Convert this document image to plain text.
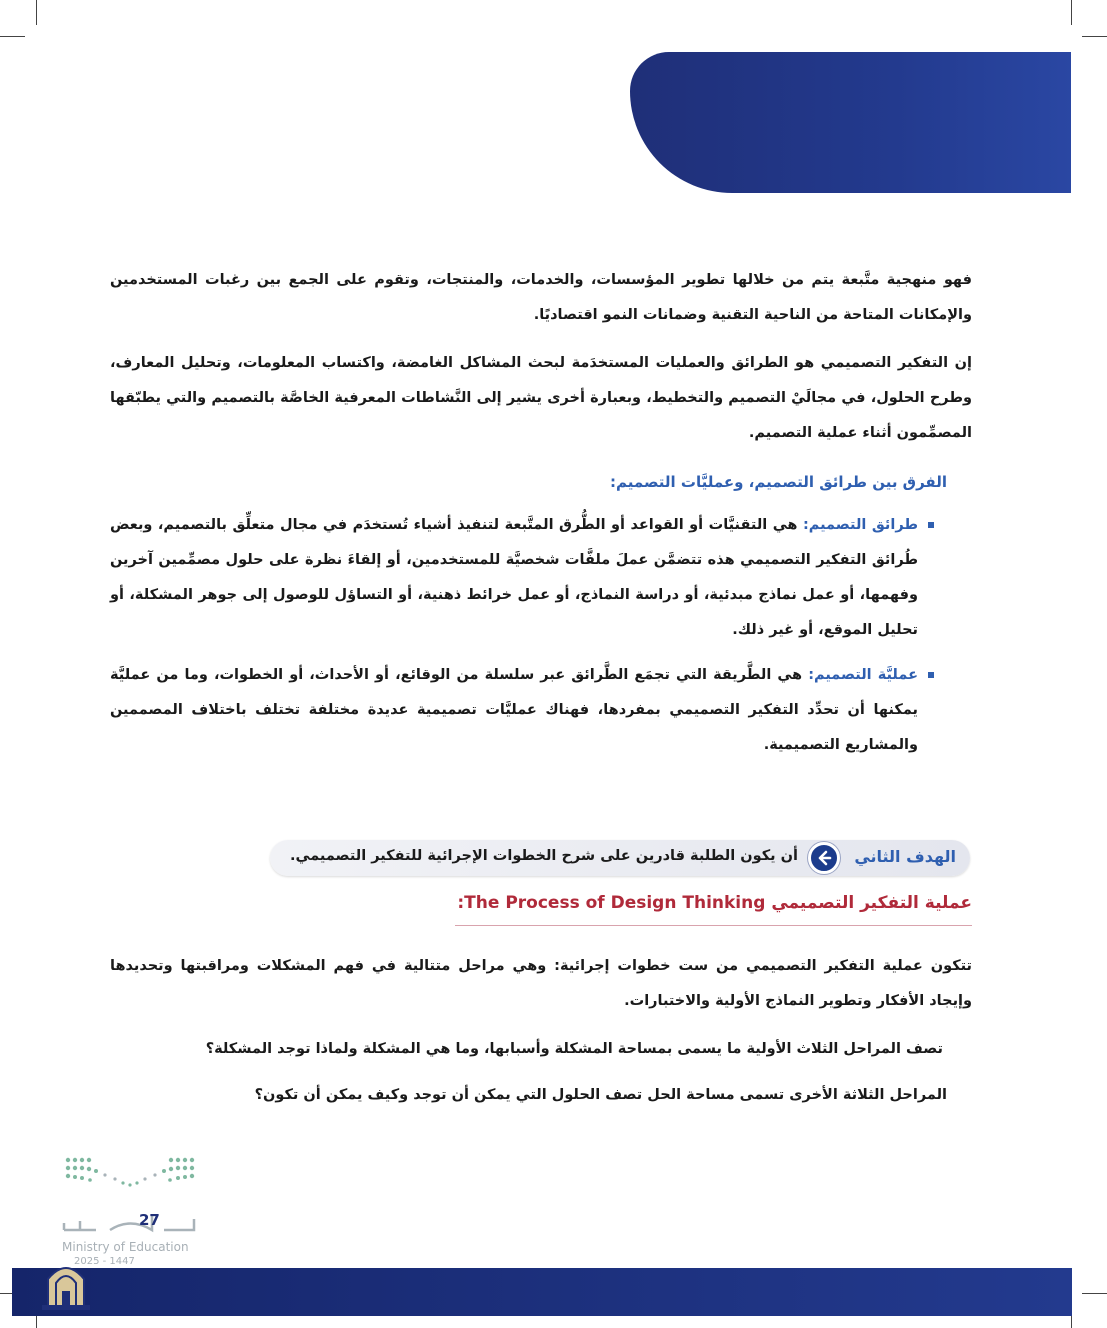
فهو منهجية متَّبعة يتم من خلالها تطوير المؤسسات، والخدمات، والمنتجات، وتقوم على الجمع بين رغبات المستخدمين والإمكانات المتاحة من الناحية التقنية وضمانات النمو اقتصاديًا.

إن التفكير التصميمي هو الطرائق والعمليات المستخدَمة لبحث المشاكل الغامضة، واكتساب المعلومات، وتحليل المعارف، وطرح الحلول، في مجالَيْ التصميم والتخطيط، وبعبارة أخرى يشير إلى النَّشاطات المعرفية الخاصَّة بالتصميم والتي يطبّقها المصمِّمون أثناء عملية التصميم.

الفرق بين طرائق التصميم، وعمليَّات التصميم:

طرائق التصميم: هي التقنيَّات أو القواعد أو الطُّرق المتَّبعة لتنفيذ أشياء تُستخدَم في مجال متعلِّق بالتصميم، وبعض طُرائق التفكير التصميمي هذه تتضمَّن عملَ ملفَّات شخصيَّة للمستخدمين، أو إلقاءَ نظرة على حلول مصمِّمين آخرين وفهمها، أو عمل نماذج مبدئية، أو دراسة النماذج، أو عمل خرائط ذهنية، أو التساؤل للوصول إلى جوهر المشكلة، أو تحليل الموقع، أو غير ذلك.

عمليَّة التصميم: هي الطَّريقة التي تجمَع الطَّرائق عبر سلسلة من الوقائع، أو الأحداث، أو الخطوات، وما من عمليَّة يمكنها أن تحدِّد التفكير التصميمي بمفردها، فهناك عمليَّات تصميمية عديدة مختلفة تختلف باختلاف المصممين والمشاريع التصميمية.

الهدف الثاني
أن يكون الطلبة قادرين على شرح الخطوات الإجرائية للتفكير التصميمي.
عملية التفكير التصميمي The Process of Design Thinking:

تتكون عملية التفكير التصميمي من ست خطوات إجرائية: وهي مراحل متتالية في فهم المشكلات ومراقبتها وتحديدها وإيجاد الأفكار وتطوير النماذج الأولية والاختبارات.

تصف المراحل الثلاث الأولية ما يسمى بمساحة المشكلة وأسبابها، وما هي المشكلة ولماذا توجد المشكلة؟

المراحل الثلاثة الأخرى تسمى مساحة الحل تصف الحلول التي يمكن أن توجد وكيف يمكن أن تكون؟

27
Ministry of Education
2025 - 1447
